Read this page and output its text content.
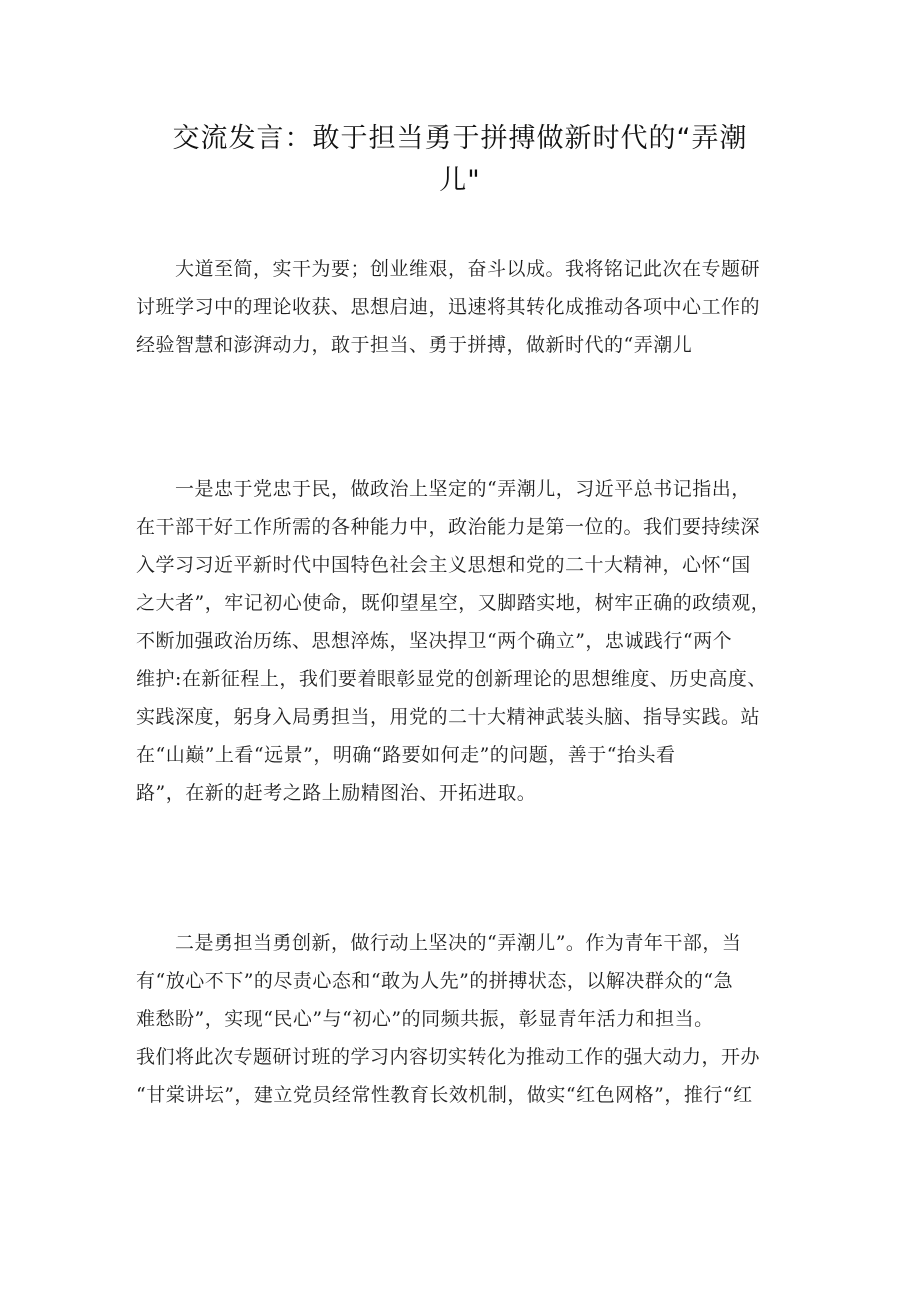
交流发言：敢于担当勇于拼搏做新时代的“弄潮
儿"

　　大道至简，实干为要；创业维艰，奋斗以成。我将铭记此次在专题研
讨班学习中的理论收获、思想启迪，迅速将其转化成推动各项中心工作的
经验智慧和澎湃动力，敢于担当、勇于拼搏，做新时代的“弄潮儿

　　一是忠于党忠于民，做政治上坚定的“弄潮儿，习近平总书记指出，
在干部干好工作所需的各种能力中，政治能力是第一位的。我们要持续深
入学习习近平新时代中国特色社会主义思想和党的二十大精神，心怀“国
之大者”，牢记初心使命，既仰望星空，又脚踏实地，树牢正确的政绩观，
不断加强政治历练、思想淬炼，坚决捍卫“两个确立”，忠诚践行“两个
维护:在新征程上，我们要着眼彰显党的创新理论的思想维度、历史高度、
实践深度，躬身入局勇担当，用党的二十大精神武装头脑、指导实践。站
在“山巅”上看“远景”，明确“路要如何走”的问题，善于“抬头看
路”，在新的赶考之路上励精图治、开拓进取。

　　二是勇担当勇创新，做行动上坚决的“弄潮儿”。作为青年干部，当
有“放心不下”的尽责心态和“敢为人先”的拼搏状态，以解决群众的“急
难愁盼”，实现“民心”与“初心”的同频共振，彰显青年活力和担当。
我们将此次专题研讨班的学习内容切实转化为推动工作的强大动力，开办
“甘棠讲坛”，建立党员经常性教育长效机制，做实“红色网格”，推行“红
